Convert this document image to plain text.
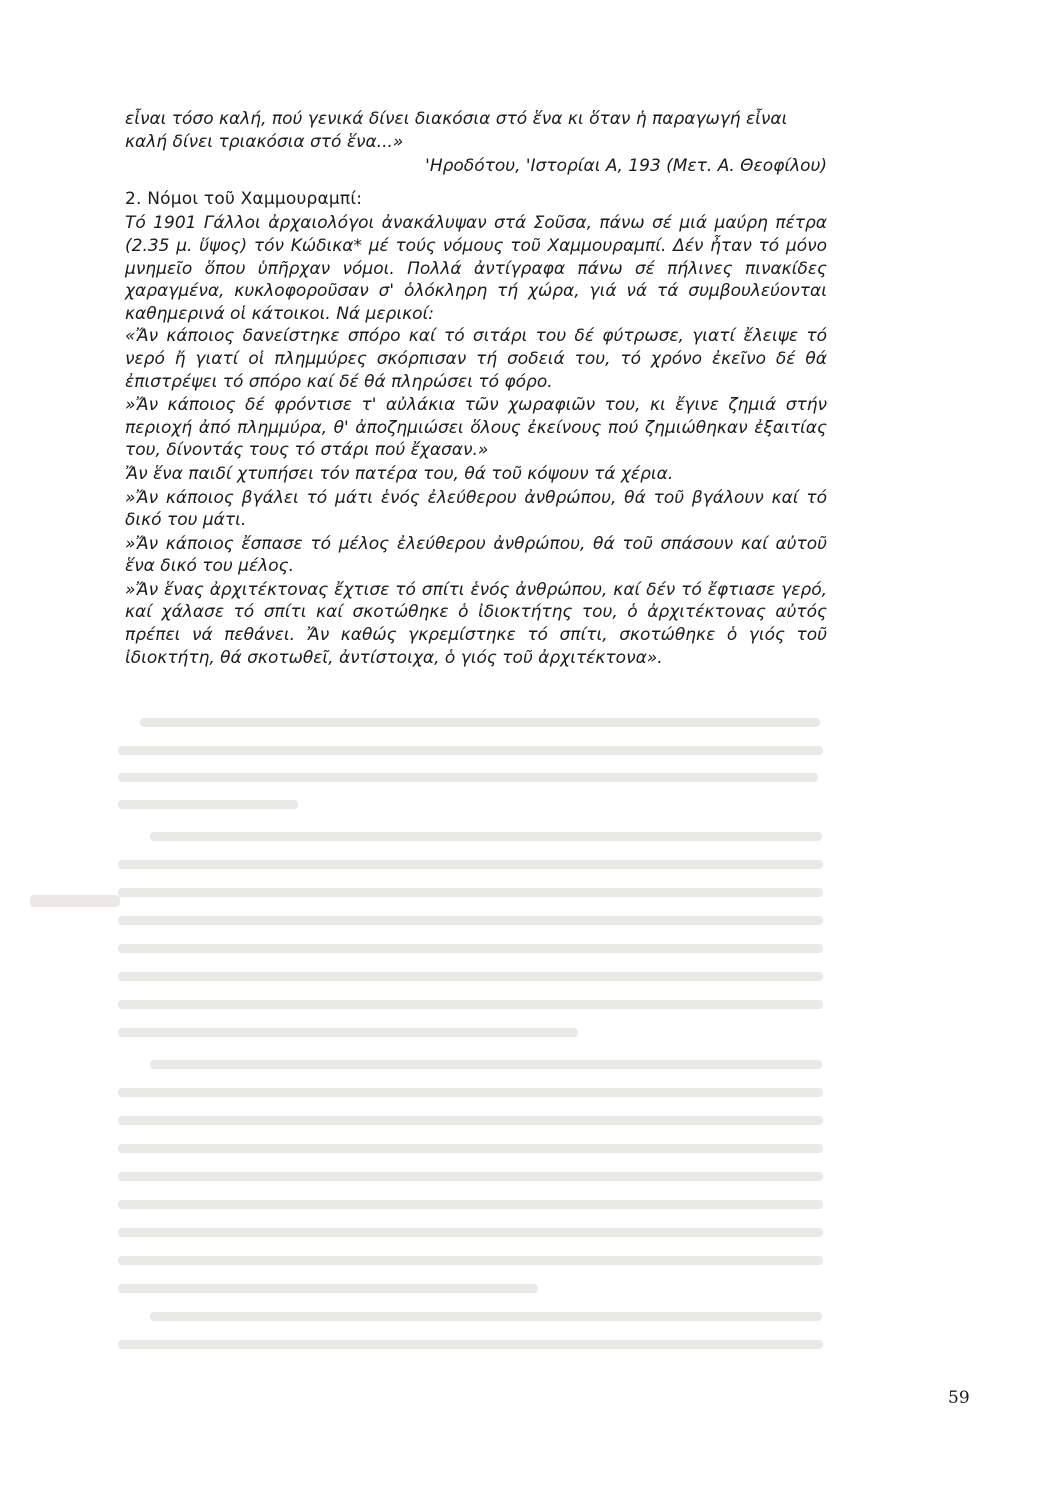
εἶναι τόσο καλή, πού γενικά δίνει διακόσια στό ἕνα κι ὅταν ἡ παραγωγή εἶναι

καλή δίνει τριακόσια στό ἕνα...»

'Ηροδότου, 'Ιστορίαι Α, 193 (Μετ. Α. Θεοφίλου)

2. Νόμοι τοῦ Χαμμουραμπί:

Τό 1901 Γάλλοι ἀρχαιολόγοι ἀνακάλυψαν στά Σοῦσα, πάνω σέ μιά μαύρη πέτρα (2.35 μ. ὕψος) τόν Κώδικα* μέ τούς νόμους τοῦ Χαμμουραμπί. Δέν ἦταν τό μόνο μνημεῖο ὅπου ὑπῆρχαν νόμοι. Πολλά ἀντίγραφα πάνω σέ πήλινες πινακίδες χαραγμένα, κυκλοφοροῦσαν σ' ὁλόκληρη τή χώρα, γιά νά τά συμβουλεύονται καθημερινά οἱ κάτοικοι. Νά μερικοί:

«Ἄν κάποιος δανείστηκε σπόρο καί τό σιτάρι του δέ φύτρωσε, γιατί ἔλειψε τό νερό ἤ γιατί οἱ πλημμύρες σκόρπισαν τή σοδειά του, τό χρόνο ἐκεῖνο δέ θά ἐπιστρέψει τό σπόρο καί δέ θά πληρώσει τό φόρο.

»Ἄν κάποιος δέ φρόντισε τ' αὐλάκια τῶν χωραφιῶν του, κι ἔγινε ζημιά στήν περιοχή ἀπό πλημμύρα, θ' ἀποζημιώσει ὅλους ἐκείνους πού ζημιώθηκαν ἐξαιτίας του, δίνοντάς τους τό στάρι πού ἔχασαν.»

Ἄν ἕνα παιδί χτυπήσει τόν πατέρα του, θά τοῦ κόψουν τά χέρια.

»Ἄν κάποιος βγάλει τό μάτι ἑνός ἐλεύθερου ἀνθρώπου, θά τοῦ βγάλουν καί τό δικό του μάτι.

»Ἄν κάποιος ἔσπασε τό μέλος ἐλεύθερου ἀνθρώπου, θά τοῦ σπάσουν καί αὐτοῦ ἕνα δικό του μέλος.

»Ἄν ἕνας ἀρχιτέκτονας ἔχτισε τό σπίτι ἑνός ἀνθρώπου, καί δέν τό ἔφτιασε γερό, καί χάλασε τό σπίτι καί σκοτώθηκε ὁ ἰδιοκτήτης του, ὁ ἀρχιτέκτονας αὐτός πρέπει νά πεθάνει. Ἄν καθώς γκρεμίστηκε τό σπίτι, σκοτώθηκε ὁ γιός τοῦ ἰδιοκτήτη, θά σκοτωθεῖ, ἀντίστοιχα, ὁ γιός τοῦ ἀρχιτέκτονα».

59
